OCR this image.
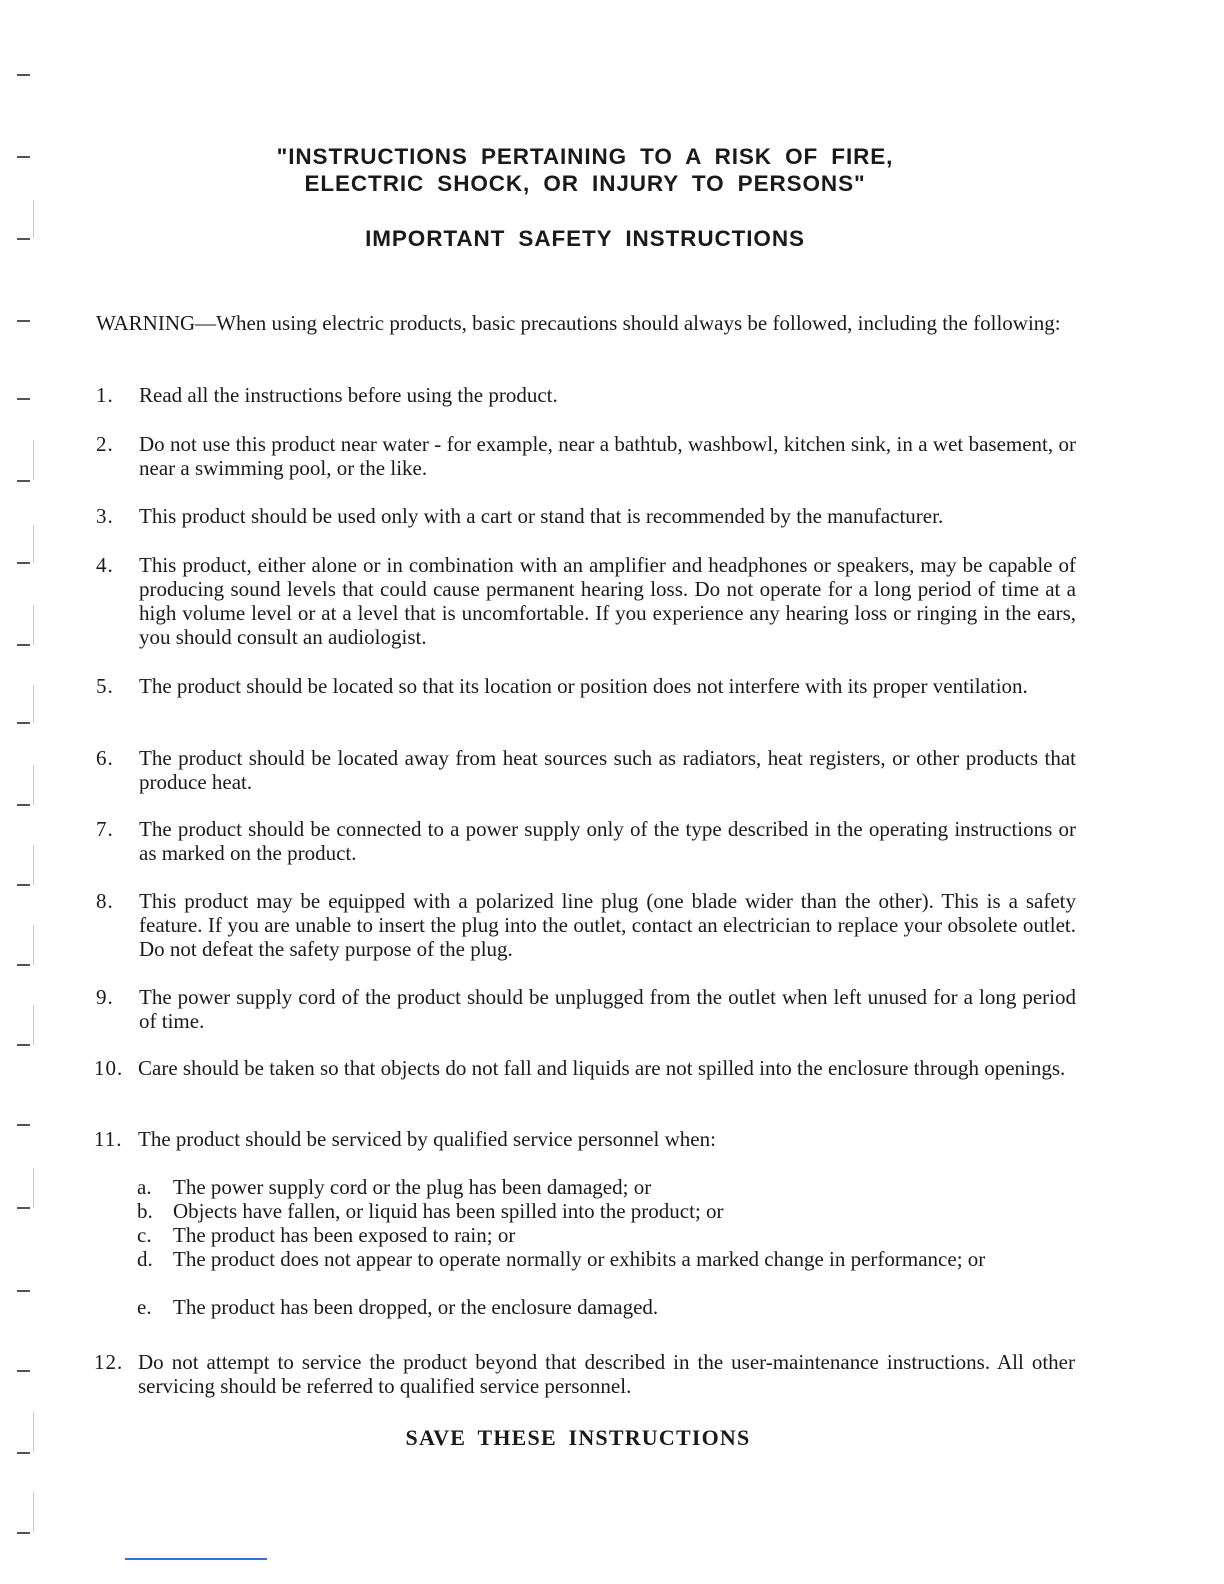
"INSTRUCTIONS PERTAINING TO A RISK OF FIRE,
ELECTRIC SHOCK, OR INJURY TO PERSONS"
IMPORTANT SAFETY INSTRUCTIONS
WARNING—When using electric products, basic precautions should always be followed, including the following:
1.	Read all the instructions before using the product.
2.	Do not use this product near water - for example, near a bathtub, washbowl, kitchen sink, in a wet basement, or near a swimming pool, or the like.
3.	This product should be used only with a cart or stand that is recommended by the manufacturer.
4.	This product, either alone or in combination with an amplifier and headphones or speakers, may be capable of producing sound levels that could cause permanent hearing loss. Do not operate for a long period of time at a high volume level or at a level that is uncomfortable. If you experience any hearing loss or ringing in the ears, you should consult an audiologist.
5.	The product should be located so that its location or position does not interfere with its proper ventilation.
6.	The product should be located away from heat sources such as radiators, heat registers, or other products that produce heat.
7.	The product should be connected to a power supply only of the type described in the operating instructions or as marked on the product.
8.	This product may be equipped with a polarized line plug (one blade wider than the other). This is a safety feature. If you are unable to insert the plug into the outlet, contact an electrician to replace your obsolete outlet. Do not defeat the safety purpose of the plug.
9.	The power supply cord of the product should be unplugged from the outlet when left unused for a long period of time.
10. Care should be taken so that objects do not fall and liquids are not spilled into the enclosure through openings.
11. The product should be serviced by qualified service personnel when:
a.	The power supply cord or the plug has been damaged; or
b. Objects have fallen, or liquid has been spilled into the product; or
c.	The product has been exposed to rain; or
d. The product does not appear to operate normally or exhibits a marked change in performance; or
e.	The product has been dropped, or the enclosure damaged.
12. Do not attempt to service the product beyond that described in the user-maintenance instructions. All other servicing should be referred to qualified service personnel.
SAVE THESE INSTRUCTIONS
